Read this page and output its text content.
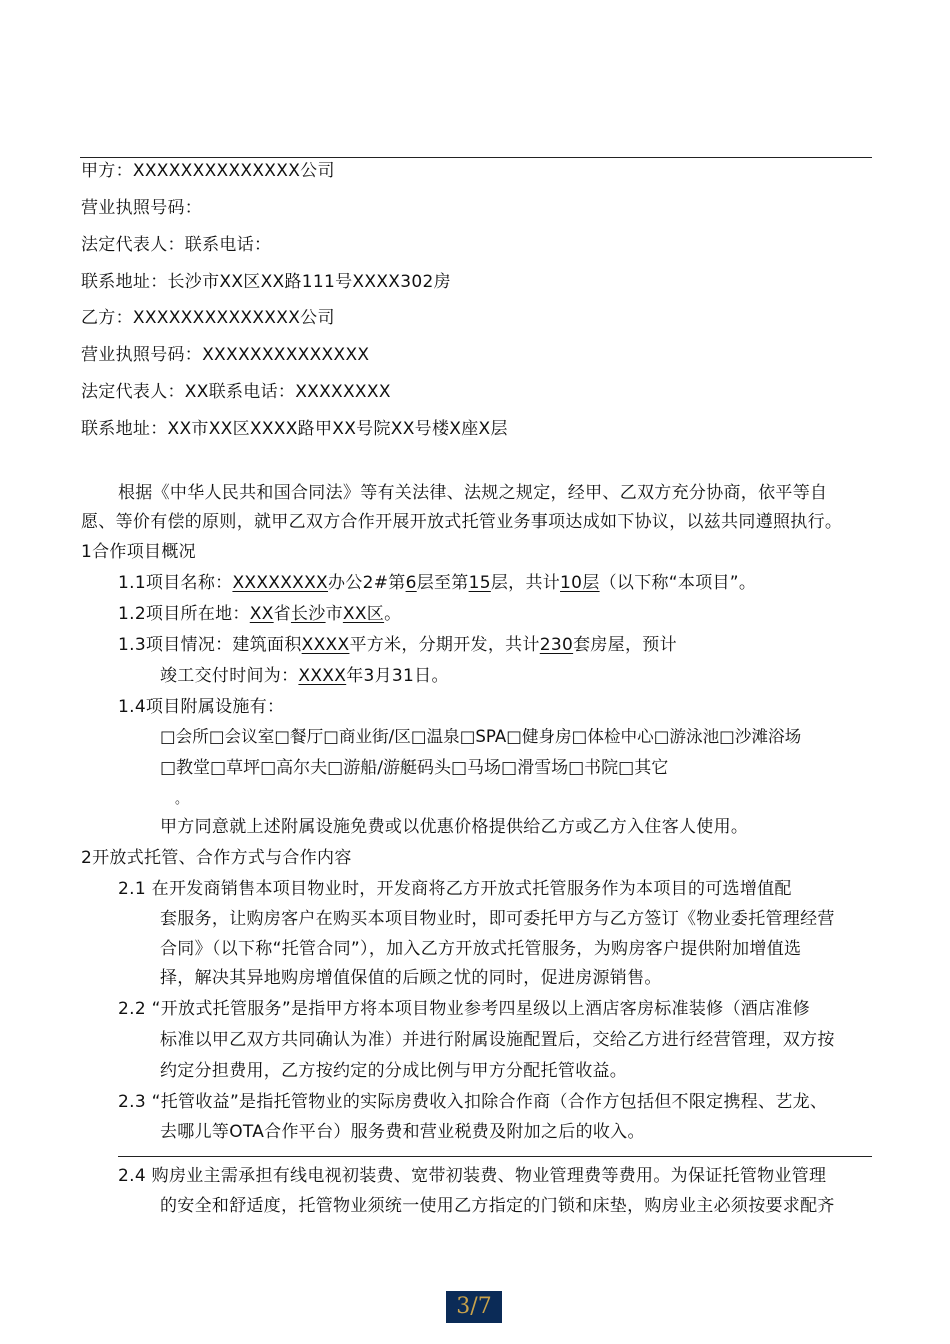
甲方：XXXXXXXXXXXXXX公司
营业执照号码：
法定代表人：联系电话：
联系地址：长沙市XX区XX路111号XXXX302房
乙方：XXXXXXXXXXXXXX公司
营业执照号码：XXXXXXXXXXXXXX
法定代表人：XX联系电话：XXXXXXXX
联系地址：XX市XX区XXXX路甲XX号院XX号楼X座X层
根据《中华人民共和国合同法》等有关法律、法规之规定，经甲、乙双方充分协商，依平等自
愿、等价有偿的原则，就甲乙双方合作开展开放式托管业务事项达成如下协议，以兹共同遵照执行。
1合作项目概况
1.1项目名称：XXXXXXXX办公2#第6层至第15层，共计10层（以下称“本项目”。
1.2项目所在地：XX省长沙市XX区。
1.3项目情况：建筑面积XXXX平方米，分期开发，共计230套房屋，预计
竣工交付时间为：XXXX年3月31日。
1.4项目附属设施有：
□会所□会议室□餐厅□商业街/区□温泉□SPA□健身房□体检中心□游泳池□沙滩浴场
□教堂□草坪□高尔夫□游船/游艇码头□马场□滑雪场□书院□其它
。
甲方同意就上述附属设施免费或以优惠价格提供给乙方或乙方入住客人使用。
2开放式托管、合作方式与合作内容
2.1 在开发商销售本项目物业时，开发商将乙方开放式托管服务作为本项目的可选增值配
套服务，让购房客户在购买本项目物业时，即可委托甲方与乙方签订《物业委托管理经营
合同》（以下称“托管合同”），加入乙方开放式托管服务，为购房客户提供附加增值选
择，解决其异地购房增值保值的后顾之忧的同时，促进房源销售。
2.2 “开放式托管服务”是指甲方将本项目物业参考四星级以上酒店客房标准装修（酒店准修
标准以甲乙双方共同确认为准）并进行附属设施配置后，交给乙方进行经营管理，双方按
约定分担费用，乙方按约定的分成比例与甲方分配托管收益。
2.3 “托管收益”是指托管物业的实际房费收入扣除合作商（合作方包括但不限定携程、艺龙、
去哪儿等OTA合作平台）服务费和营业税费及附加之后的收入。
2.4 购房业主需承担有线电视初装费、宽带初装费、物业管理费等费用。为保证托管物业管理
的安全和舒适度，托管物业须统一使用乙方指定的门锁和床垫，购房业主必须按要求配齐
3/7
